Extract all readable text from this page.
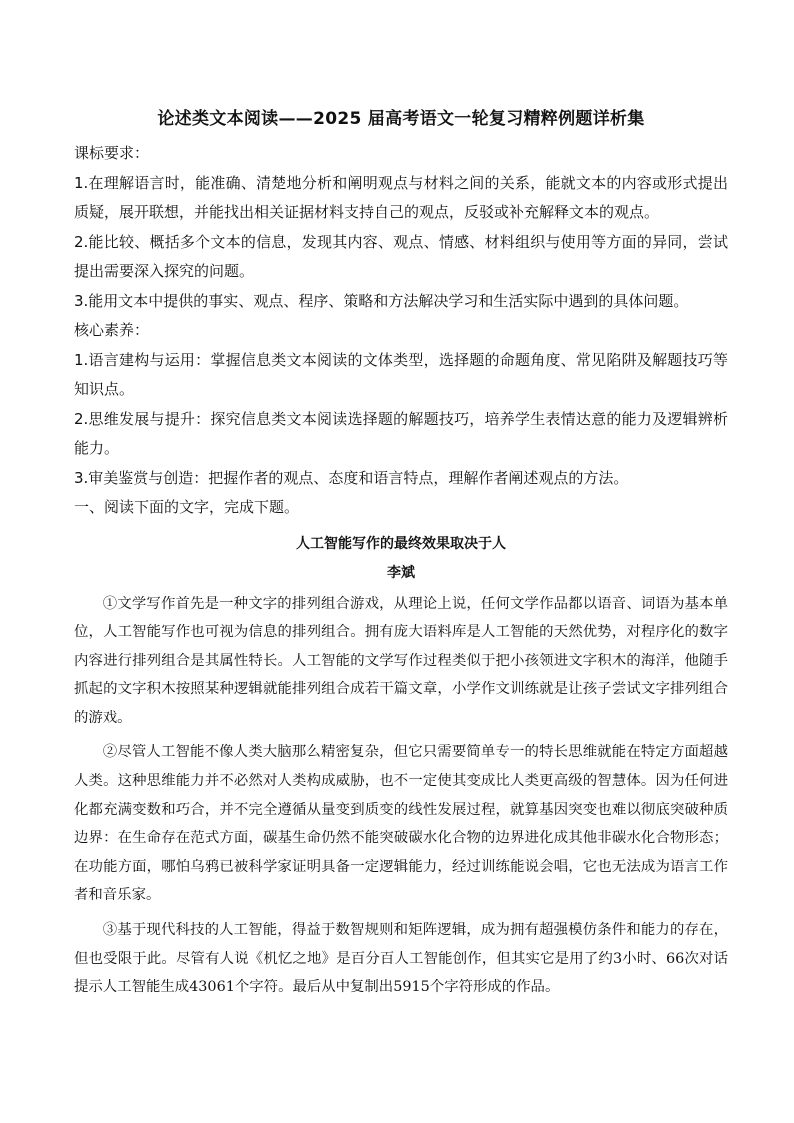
论述类文本阅读——2025 届高考语文一轮复习精粹例题详析集

课标要求：

1.在理解语言时，能准确、清楚地分析和阐明观点与材料之间的关系，能就文本的内容或形式提出质疑，展开联想，并能找出相关证据材料支持自己的观点，反驳或补充解释文本的观点。

2.能比较、概括多个文本的信息，发现其内容、观点、情感、材料组织与使用等方面的异同，尝试提出需要深入探究的问题。

3.能用文本中提供的事实、观点、程序、策略和方法解决学习和生活实际中遇到的具体问题。

核心素养：

1.语言建构与运用：掌握信息类文本阅读的文体类型，选择题的命题角度、常见陷阱及解题技巧等知识点。

2.思维发展与提升：探究信息类文本阅读选择题的解题技巧，培养学生表情达意的能力及逻辑辨析能力。

3.审美鉴赏与创造：把握作者的观点、态度和语言特点，理解作者阐述观点的方法。

一、阅读下面的文字，完成下题。

人工智能写作的最终效果取决于人
李斌

①文学写作首先是一种文字的排列组合游戏，从理论上说，任何文学作品都以语音、词语为基本单位，人工智能写作也可视为信息的排列组合。拥有庞大语料库是人工智能的天然优势，对程序化的数字内容进行排列组合是其属性特长。人工智能的文学写作过程类似于把小孩领进文字积木的海洋，他随手抓起的文字积木按照某种逻辑就能排列组合成若干篇文章，小学作文训练就是让孩子尝试文字排列组合的游戏。

②尽管人工智能不像人类大脑那么精密复杂，但它只需要简单专一的特长思维就能在特定方面超越人类。这种思维能力并不必然对人类构成威胁，也不一定使其变成比人类更高级的智慧体。因为任何进化都充满变数和巧合，并不完全遵循从量变到质变的线性发展过程，就算基因突变也难以彻底突破种质边界：在生命存在范式方面，碳基生命仍然不能突破碳水化合物的边界进化成其他非碳水化合物形态；在功能方面，哪怕乌鸦已被科学家证明具备一定逻辑能力，经过训练能说会唱，它也无法成为语言工作者和音乐家。

③基于现代科技的人工智能，得益于数智规则和矩阵逻辑，成为拥有超强模仿条件和能力的存在，但也受限于此。尽管有人说《机忆之地》是百分百人工智能创作，但其实它是用了约3小时、66次对话提示人工智能生成43061个字符。最后从中复制出5915个字符形成的作品。
